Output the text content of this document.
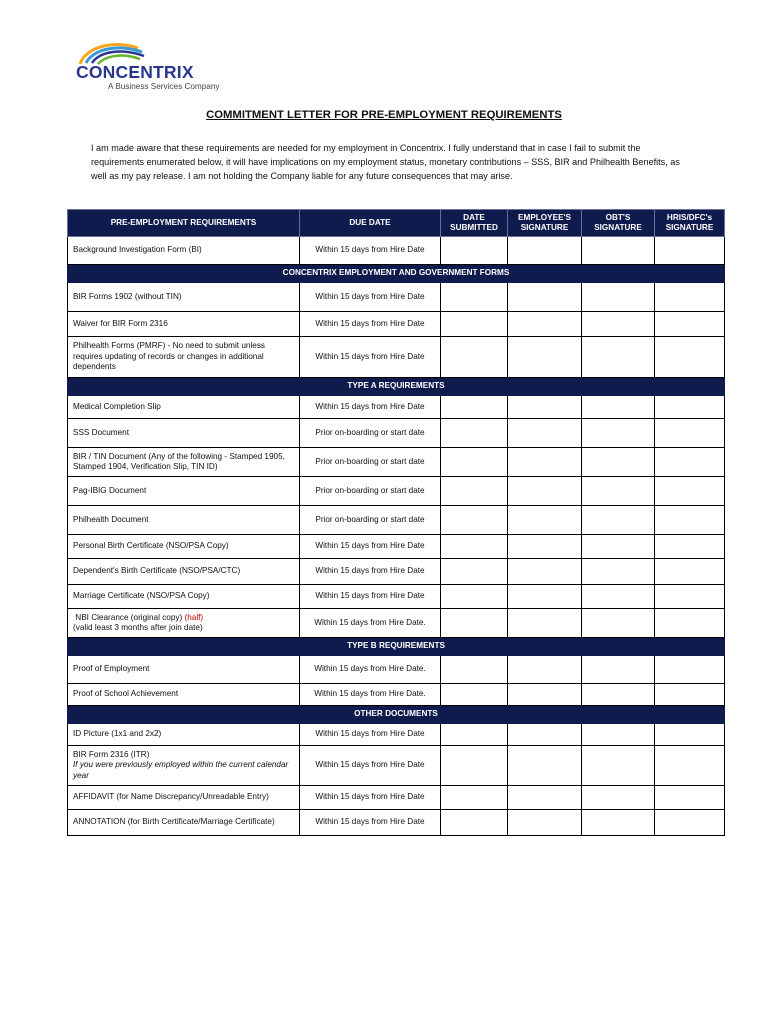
CONCENTRIX
A Business Services Company
COMMITMENT LETTER FOR PRE-EMPLOYMENT REQUIREMENTS
I am made aware that these requirements are needed for my employment in Concentrix. I fully understand that in case I fail to submit the requirements enumerated below, it will have implications on my employment status, monetary contributions – SSS, BIR and Philhealth Benefits, as well as my pay release. I am not holding the Company liable for any future consequences that may arise.
PRE-EMPLOYMENT REQUIREMENTS	DUE DATE	DATE SUBMITTED	EMPLOYEE'S SIGNATURE	OBT'S SIGNATURE	HRIS/DFC's SIGNATURE
Background Investigation Form (BI)	Within 15 days from Hire Date				
CONCENTRIX EMPLOYMENT AND GOVERNMENT FORMS					
BIR Forms 1902 (without TIN)	Within 15 days from Hire Date				
Waiver for BIR Form 2316	Within 15 days from Hire Date				
Philhealth Forms (PMRF) - No need to submit unless requires updating of records or changes in additional dependents	Within 15 days from Hire Date				
TYPE A REQUIREMENTS					
Medical Completion Slip	Within 15 days from Hire Date				
SSS Document	Prior on-boarding or start date				
BIR / TIN Document (Any of the following - Stamped 1905, Stamped 1904, Verification Slip, TIN ID)	Prior on-boarding or start date				
Pag-IBIG Document	Prior on-boarding or start date				
Philhealth Document	Prior on-boarding or start date				
Personal Birth Certificate (NSO/PSA Copy)	Within 15 days from Hire Date				
Dependent's Birth Certificate (NSO/PSA/CTC)	Within 15 days from Hire Date				
Marriage Certificate (NSO/PSA Copy)	Within 15 days from Hire Date				
NBI Clearance (original copy) (half)
(valid least 3 months after join date)	Within 15 days from Hire Date.				
TYPE B REQUIREMENTS					
Proof of Employment	Within 15 days from Hire Date.				
Proof of School Achievement	Within 15 days from Hire Date.				
OTHER DOCUMENTS					
ID Picture (1x1 and 2x2)	Within 15 days from Hire Date				
BIR Form 2316 (ITR)
If you were previously employed within the current calendar year	Within 15 days from Hire Date				
AFFIDAVIT (for Name Discrepancy/Unreadable Entry)	Within 15 days from Hire Date				
ANNOTATION (for Birth Certificate/Marriage Certificate)	Within 15 days from Hire Date				
